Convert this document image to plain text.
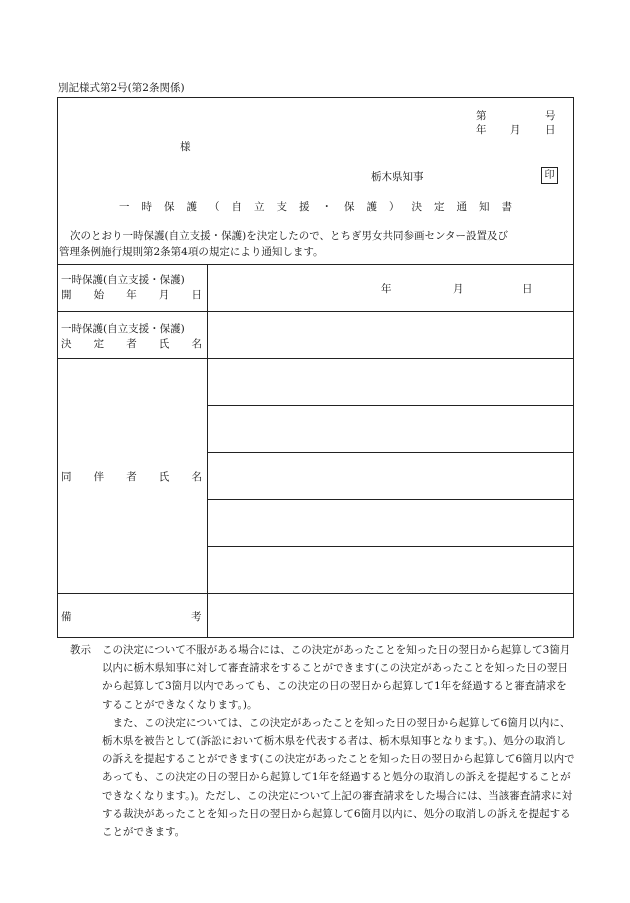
別記様式第2号(第2条関係)
第	号
年 月 日
様
栃木県知事	印
一 時 保 護 （ 自 立 支 援 ・ 保 護 ） 決 定 通 知 書
次のとおり一時保護(自立支援・保護)を決定したので、とちぎ男女共同参画センター設置及び
管理条例施行規則第2条第4項の規定により通知します。
一時保護(自立支援・保護)
開 始 年 月 日	年	月	日
一時保護(自立支援・保護)
決 定 者 氏 名
同 伴 者 氏 名
備	考
教示	この決定について不服がある場合には、この決定があったことを知った日の翌日から起算して3箇月以内に栃木県知事に対して審査請求をすることができます(この決定があったことを知った日の翌日から起算して3箇月以内であっても、この決定の日の翌日から起算して1年を経過すると審査請求をすることができなくなります。)。

また、この決定については、この決定があったことを知った日の翌日から起算して6箇月以内に、栃木県を被告として(訴訟において栃木県を代表する者は、栃木県知事となります。)、処分の取消しの訴えを提起することができます(この決定があったことを知った日の翌日から起算して6箇月以内であっても、この決定の日の翌日から起算して1年を経過すると処分の取消しの訴えを提起することができなくなります。)。ただし、この決定について上記の審査請求をした場合には、当該審査請求に対する裁決があったことを知った日の翌日から起算して6箇月以内に、処分の取消しの訴えを提起することができます。
